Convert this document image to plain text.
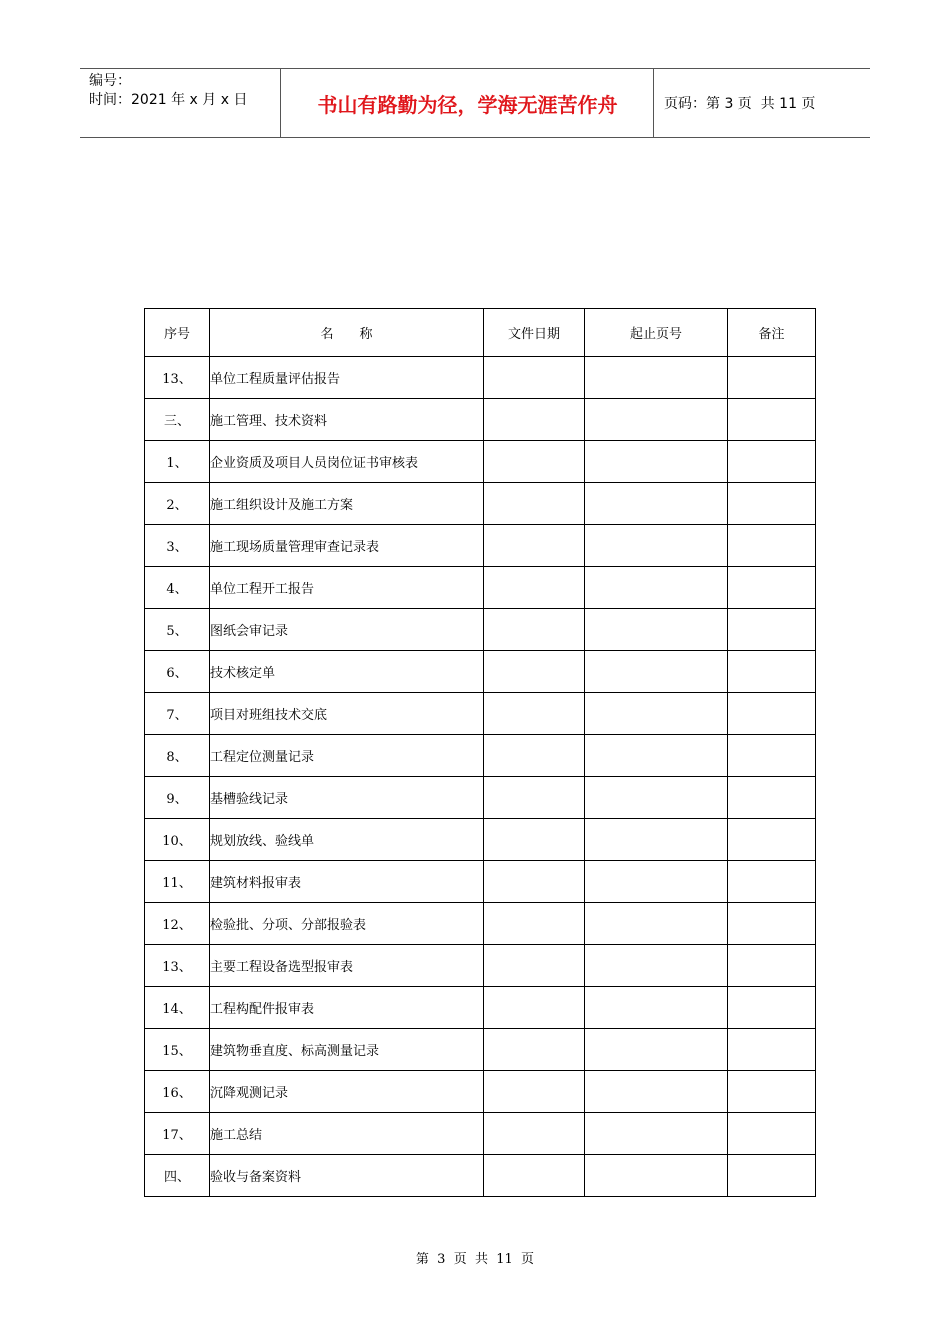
编号：
时间：2021 年 x 月 x 日	书山有路勤为径，学海无涯苦作舟	页码：第 3 页  共 11 页
序号	名　　称	文件日期	起止页号	备注
13、	单位工程质量评估报告			
三、	施工管理、技术资料			
1、	企业资质及项目人员岗位证书审核表			
2、	施工组织设计及施工方案			
3、	施工现场质量管理审查记录表			
4、	单位工程开工报告			
5、	图纸会审记录			
6、	技术核定单			
7、	项目对班组技术交底			
8、	工程定位测量记录			
9、	基槽验线记录			
10、	规划放线、验线单			
11、	建筑材料报审表			
12、	检验批、分项、分部报验表			
13、	主要工程设备选型报审表			
14、	工程构配件报审表			
15、	建筑物垂直度、标高测量记录			
16、	沉降观测记录			
17、	施工总结			
四、	验收与备案资料			
第  3  页  共  11  页
